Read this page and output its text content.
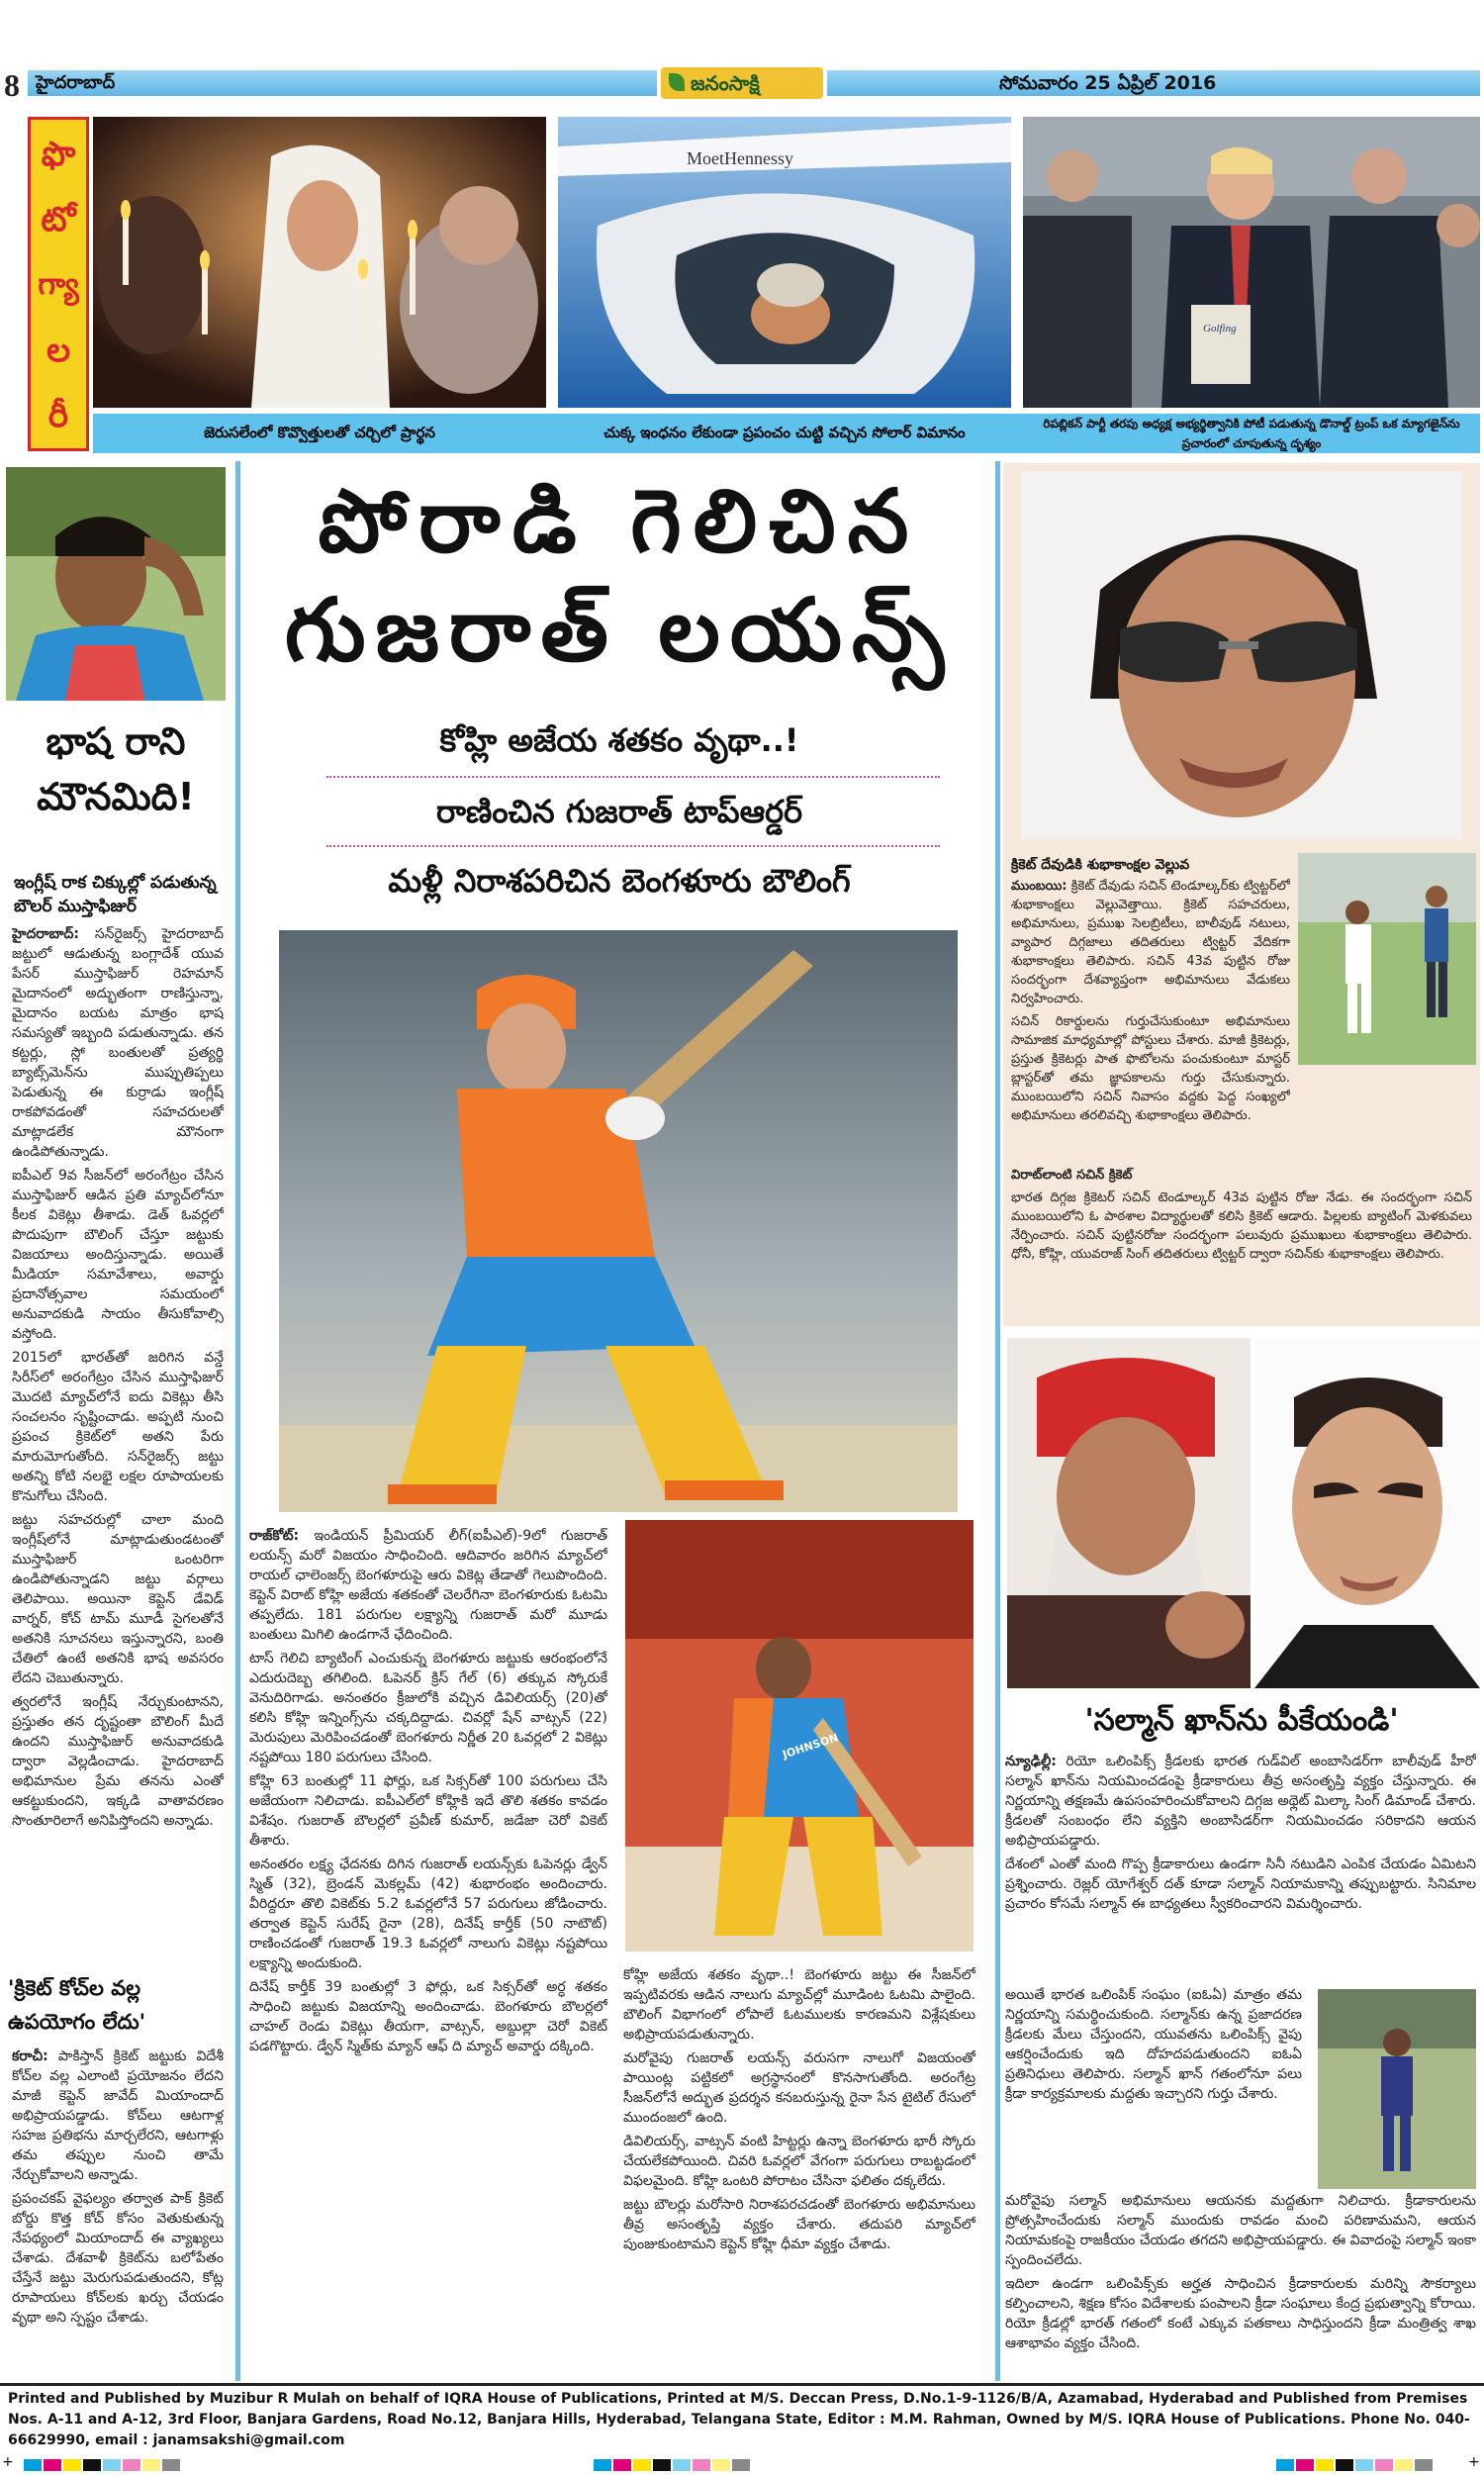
8 హైదరాబాద్	జనంసాక్షి	సోమవారం 25 ఏప్రిల్ 2016
ఫొ
టో
గ్యా
ల
రీ
MoetHennessy
Golfing
జెరుసలేంలో కొవ్వొత్తులతో చర్చిలో ప్రార్థన	చుక్క ఇంధనం లేకుండా ప్రపంచం చుట్టి వచ్చిన సోలార్ విమానం	రిపబ్లికన్ పార్టీ తరపు అధ్యక్ష అభ్యర్థిత్వానికి పోటీ పడుతున్న డొనాల్డ్ ట్రంప్ ఒక మ్యాగజైన్‌ను ప్రచారంలో చూపుతున్న దృశ్యం
భాష రాని
మౌనమిది!
ఇంగ్లీష్ రాక చిక్కుల్లో పడుతున్న బౌలర్ ముస్తాఫిజుర్

హైదరాబాద్: సన్‌రైజర్స్ హైదరాబాద్ జట్టులో ఆడుతున్న బంగ్లాదేశ్ యువ పేసర్ ముస్తాఫిజుర్ రెహమాన్ మైదానంలో అద్భుతంగా రాణిస్తున్నా, మైదానం బయట మాత్రం భాష సమస్యతో ఇబ్బంది పడుతున్నాడు. తన కట్టర్లు, స్లో బంతులతో ప్రత్యర్థి బ్యాట్స్‌మెన్‌ను ముప్పుతిప్పలు పెడుతున్న ఈ కుర్రాడు ఇంగ్లీష్ రాకపోవడంతో సహచరులతో మాట్లాడలేక మౌనంగా ఉండిపోతున్నాడు.

ఐపీఎల్ 9వ సీజన్‌లో అరంగేట్రం చేసిన ముస్తాఫిజుర్ ఆడిన ప్రతి మ్యాచ్‌లోనూ కీలక వికెట్లు తీశాడు. డెత్ ఓవర్లలో పొదుపుగా బౌలింగ్ చేస్తూ జట్టుకు విజయాలు అందిస్తున్నాడు. అయితే మీడియా సమావేశాలు, అవార్డు ప్రదానోత్సవాల సమయంలో అనువాదకుడి సాయం తీసుకోవాల్సి వస్తోంది.

2015లో భారత్‌తో జరిగిన వన్డే సిరీస్‌లో అరంగేట్రం చేసిన ముస్తాఫిజుర్ మొదటి మ్యాచ్‌లోనే ఐదు వికెట్లు తీసి సంచలనం సృష్టించాడు. అప్పటి నుంచి ప్రపంచ క్రికెట్‌లో అతని పేరు మారుమోగుతోంది. సన్‌రైజర్స్ జట్టు అతన్ని కోటి నలభై లక్షల రూపాయలకు కొనుగోలు చేసింది.

జట్టు సహచరుల్లో చాలా మంది ఇంగ్లీష్‌లోనే మాట్లాడుతుండటంతో ముస్తాఫిజుర్ ఒంటరిగా ఉండిపోతున్నాడని జట్టు వర్గాలు తెలిపాయి. అయినా కెప్టెన్ డేవిడ్ వార్నర్, కోచ్ టామ్ మూడీ సైగలతోనే అతనికి సూచనలు ఇస్తున్నారని, బంతి చేతిలో ఉంటే అతనికి భాష అవసరం లేదని చెబుతున్నారు.

త్వరలోనే ఇంగ్లీష్ నేర్చుకుంటానని, ప్రస్తుతం తన దృష్టంతా బౌలింగ్ మీదే ఉందని ముస్తాఫిజుర్ అనువాదకుడి ద్వారా వెల్లడించాడు. హైదరాబాద్ అభిమానుల ప్రేమ తనను ఎంతో ఆకట్టుకుందని, ఇక్కడి వాతావరణం సొంతూరిలాగే అనిపిస్తోందని అన్నాడు.

'క్రికెట్ కోచ్‌ల వల్ల
ఉపయోగం లేదు'

కరాచీ: పాకిస్తాన్ క్రికెట్ జట్టుకు విదేశీ కోచ్‌ల వల్ల ఎలాంటి ప్రయోజనం లేదని మాజీ కెప్టెన్ జావేద్ మియాందాద్ అభిప్రాయపడ్డాడు. కోచ్‌లు ఆటగాళ్ల సహజ ప్రతిభను మార్చలేరని, ఆటగాళ్లు తమ తప్పుల నుంచి తామే నేర్చుకోవాలని అన్నాడు.

ప్రపంచకప్ వైఫల్యం తర్వాత పాక్ క్రికెట్ బోర్డు కొత్త కోచ్ కోసం వెతుకుతున్న నేపథ్యంలో మియాందాద్ ఈ వ్యాఖ్యలు చేశాడు. దేశవాళీ క్రికెట్‌ను బలోపేతం చేస్తేనే జట్టు మెరుగుపడుతుందని, కోట్ల రూపాయలు కోచ్‌లకు ఖర్చు చేయడం వృథా అని స్పష్టం చేశాడు.

పోరాడి గెలిచిన
గుజరాత్ లయన్స్
కోహ్లి అజేయ శతకం వృథా..!
రాణించిన గుజరాత్ టాప్‌ఆర్డర్
మళ్లీ నిరాశపరిచిన బెంగళూరు బౌలింగ్

రాజ్‌కోట్: ఇండియన్ ప్రీమియర్ లీగ్(ఐపీఎల్)-9లో గుజరాత్ లయన్స్ మరో విజయం సాధించింది. ఆదివారం జరిగిన మ్యాచ్‌లో రాయల్ ఛాలెంజర్స్ బెంగళూరుపై ఆరు వికెట్ల తేడాతో గెలుపొందింది. కెప్టెన్ విరాట్ కోహ్లి అజేయ శతకంతో చెలరేగినా బెంగళూరుకు ఓటమి తప్పలేదు. 181 పరుగుల లక్ష్యాన్ని గుజరాత్ మరో మూడు బంతులు మిగిలి ఉండగానే ఛేదించింది.

టాస్ గెలిచి బ్యాటింగ్ ఎంచుకున్న బెంగళూరు జట్టుకు ఆరంభంలోనే ఎదురుదెబ్బ తగిలింది. ఓపెనర్ క్రిస్ గేల్ (6) తక్కువ స్కోరుకే వెనుదిరిగాడు. అనంతరం క్రీజులోకి వచ్చిన డివిలియర్స్ (20)తో కలిసి కోహ్లి ఇన్నింగ్స్‌ను చక్కదిద్దాడు. చివర్లో షేన్ వాట్సన్ (22) మెరుపులు మెరిపించడంతో బెంగళూరు నిర్ణీత 20 ఓవర్లలో 2 వికెట్లు నష్టపోయి 180 పరుగులు చేసింది.

కోహ్లి 63 బంతుల్లో 11 ఫోర్లు, ఒక సిక్సర్‌తో 100 పరుగులు చేసి అజేయంగా నిలిచాడు. ఐపీఎల్‌లో కోహ్లికి ఇదే తొలి శతకం కావడం విశేషం. గుజరాత్ బౌలర్లలో ప్రవీణ్ కుమార్, జడేజా చెరో వికెట్ తీశారు.

అనంతరం లక్ష్య ఛేదనకు దిగిన గుజరాత్ లయన్స్‌కు ఓపెనర్లు డ్వేన్ స్మిత్ (32), బ్రెండన్ మెకల్లమ్ (42) శుభారంభం అందించారు. వీరిద్దరూ తొలి వికెట్‌కు 5.2 ఓవర్లలోనే 57 పరుగులు జోడించారు. తర్వాత కెప్టెన్ సురేష్ రైనా (28), దినేష్ కార్తీక్ (50 నాటౌట్) రాణించడంతో గుజరాత్ 19.3 ఓవర్లలో నాలుగు వికెట్లు నష్టపోయి లక్ష్యాన్ని అందుకుంది.

దినేష్ కార్తీక్ 39 బంతుల్లో 3 ఫోర్లు, ఒక సిక్సర్‌తో అర్ధ శతకం సాధించి జట్టుకు విజయాన్ని అందించాడు. బెంగళూరు బౌలర్లలో చాహల్ రెండు వికెట్లు తీయగా, వాట్సన్, అబ్దుల్లా చెరో వికెట్ పడగొట్టారు. డ్వేన్ స్మిత్‌కు మ్యాన్ ఆఫ్ ది మ్యాచ్ అవార్డు దక్కింది.

JOHNSON

కోహ్లి అజేయ శతకం వృథా..! బెంగళూరు జట్టు ఈ సీజన్‌లో ఇప్పటివరకు ఆడిన నాలుగు మ్యాచ్‌ల్లో మూడింట ఓటమి పాలైంది. బౌలింగ్ విభాగంలో లోపాలే ఓటములకు కారణమని విశ్లేషకులు అభిప్రాయపడుతున్నారు.

మరోవైపు గుజరాత్ లయన్స్ వరుసగా నాలుగో విజయంతో పాయింట్ల పట్టికలో అగ్రస్థానంలో కొనసాగుతోంది. అరంగేట్ర సీజన్‌లోనే అద్భుత ప్రదర్శన కనబరుస్తున్న రైనా సేన టైటిల్ రేసులో ముందంజలో ఉంది.

డివిలియర్స్, వాట్సన్ వంటి హిట్టర్లు ఉన్నా బెంగళూరు భారీ స్కోరు చేయలేకపోయింది. చివరి ఓవర్లలో వేగంగా పరుగులు రాబట్టడంలో విఫలమైంది. కోహ్లి ఒంటరి పోరాటం చేసినా ఫలితం దక్కలేదు.

జట్టు బౌలర్లు మరోసారి నిరాశపరచడంతో బెంగళూరు అభిమానులు తీవ్ర అసంతృప్తి వ్యక్తం చేశారు. తదుపరి మ్యాచ్‌లో పుంజుకుంటామని కెప్టెన్ కోహ్లి ధీమా వ్యక్తం చేశాడు.

క్రికెట్ దేవుడికి శుభాకాంక్షల వెల్లువ

ముంబయి: క్రికెట్ దేవుడు సచిన్ టెండూల్కర్‌కు ట్విట్టర్‌లో శుభాకాంక్షలు వెల్లువెత్తాయి. క్రికెట్ సహచరులు, అభిమానులు, ప్రముఖ సెలబ్రిటీలు, బాలీవుడ్ నటులు, వ్యాపార దిగ్గజాలు తదితరులు ట్విట్టర్ వేదికగా శుభాకాంక్షలు తెలిపారు. సచిన్ 43వ పుట్టిన రోజు సందర్భంగా దేశవ్యాప్తంగా అభిమానులు వేడుకలు నిర్వహించారు.

సచిన్ రికార్డులను గుర్తుచేసుకుంటూ అభిమానులు సామాజిక మాధ్యమాల్లో పోస్టులు చేశారు. మాజీ క్రికెటర్లు, ప్రస్తుత క్రికెటర్లు పాత ఫొటోలను పంచుకుంటూ మాస్టర్ బ్లాస్టర్‌తో తమ జ్ఞాపకాలను గుర్తు చేసుకున్నారు. ముంబయిలోని సచిన్ నివాసం వద్దకు పెద్ద సంఖ్యలో అభిమానులు తరలివచ్చి శుభాకాంక్షలు తెలిపారు.

విరాట్‌లాంటి సచిన్ క్రికెట్

భారత దిగ్గజ క్రికెటర్ సచిన్ టెండూల్కర్ 43వ పుట్టిన రోజు నేడు. ఈ సందర్భంగా సచిన్ ముంబయిలోని ఓ పాఠశాల విద్యార్థులతో కలిసి క్రికెట్ ఆడారు. పిల్లలకు బ్యాటింగ్ మెళకువలు నేర్పించారు. సచిన్ పుట్టినరోజు సందర్భంగా పలువురు ప్రముఖులు శుభాకాంక్షలు తెలిపారు. ధోనీ, కోహ్లి, యువరాజ్ సింగ్ తదితరులు ట్విట్టర్ ద్వారా సచిన్‌కు శుభాకాంక్షలు తెలిపారు.

'సల్మాన్ ఖాన్‌ను పీకేయండి'

న్యూఢిల్లీ: రియో ఒలింపిక్స్ క్రీడలకు భారత గుడ్‌విల్ అంబాసిడర్‌గా బాలీవుడ్ హీరో సల్మాన్ ఖాన్‌ను నియమించడంపై క్రీడాకారులు తీవ్ర అసంతృప్తి వ్యక్తం చేస్తున్నారు. ఈ నిర్ణయాన్ని తక్షణమే ఉపసంహరించుకోవాలని దిగ్గజ అథ్లెట్ మిల్కా సింగ్ డిమాండ్ చేశారు. క్రీడలతో సంబంధం లేని వ్యక్తిని అంబాసిడర్‌గా నియమించడం సరికాదని ఆయన అభిప్రాయపడ్డారు.

దేశంలో ఎంతో మంది గొప్ప క్రీడాకారులు ఉండగా సినీ నటుడిని ఎంపిక చేయడం ఏమిటని ప్రశ్నించారు. రెజ్లర్ యోగేశ్వర్ దత్ కూడా సల్మాన్ నియామకాన్ని తప్పుబట్టారు. సినిమాల ప్రచారం కోసమే సల్మాన్ ఈ బాధ్యతలు స్వీకరించారని విమర్శించారు.

అయితే భారత ఒలింపిక్ సంఘం (ఐఓఏ) మాత్రం తమ నిర్ణయాన్ని సమర్థించుకుంది. సల్మాన్‌కు ఉన్న ప్రజాదరణ క్రీడలకు మేలు చేస్తుందని, యువతను ఒలింపిక్స్ వైపు ఆకర్షించేందుకు ఇది దోహదపడుతుందని ఐఓఏ ప్రతినిధులు తెలిపారు. సల్మాన్ ఖాన్ గతంలోనూ పలు క్రీడా కార్యక్రమాలకు మద్దతు ఇచ్చారని గుర్తు చేశారు.

మరోవైపు సల్మాన్ అభిమానులు ఆయనకు మద్దతుగా నిలిచారు. క్రీడాకారులను ప్రోత్సహించేందుకు సల్మాన్ ముందుకు రావడం మంచి పరిణామమని, ఆయన నియామకంపై రాజకీయం చేయడం తగదని అభిప్రాయపడ్డారు. ఈ వివాదంపై సల్మాన్ ఇంకా స్పందించలేదు.

ఇదిలా ఉండగా ఒలింపిక్స్‌కు అర్హత సాధించిన క్రీడాకారులకు మరిన్ని సౌకర్యాలు కల్పించాలని, శిక్షణ కోసం విదేశాలకు పంపాలని క్రీడా సంఘాలు కేంద్ర ప్రభుత్వాన్ని కోరాయి. రియో క్రీడల్లో భారత్ గతంలో కంటే ఎక్కువ పతకాలు సాధిస్తుందని క్రీడా మంత్రిత్వ శాఖ ఆశాభావం వ్యక్తం చేసింది.

Printed and Published by Muzibur R Mulah on behalf of IQRA House of Publications, Printed at M/S. Deccan Press, D.No.1-9-1126/B/A, Azamabad, Hyderabad and Published from Premises Nos. A-11 and A-12, 3rd Floor, Banjara Gardens, Road No.12, Banjara Hills, Hyderabad, Telangana State, Editor : M.M. Rahman, Owned by M/S. IQRA House of Publications. Phone No. 040-66629990, email : janamsakshi@gmail.com
+	+
